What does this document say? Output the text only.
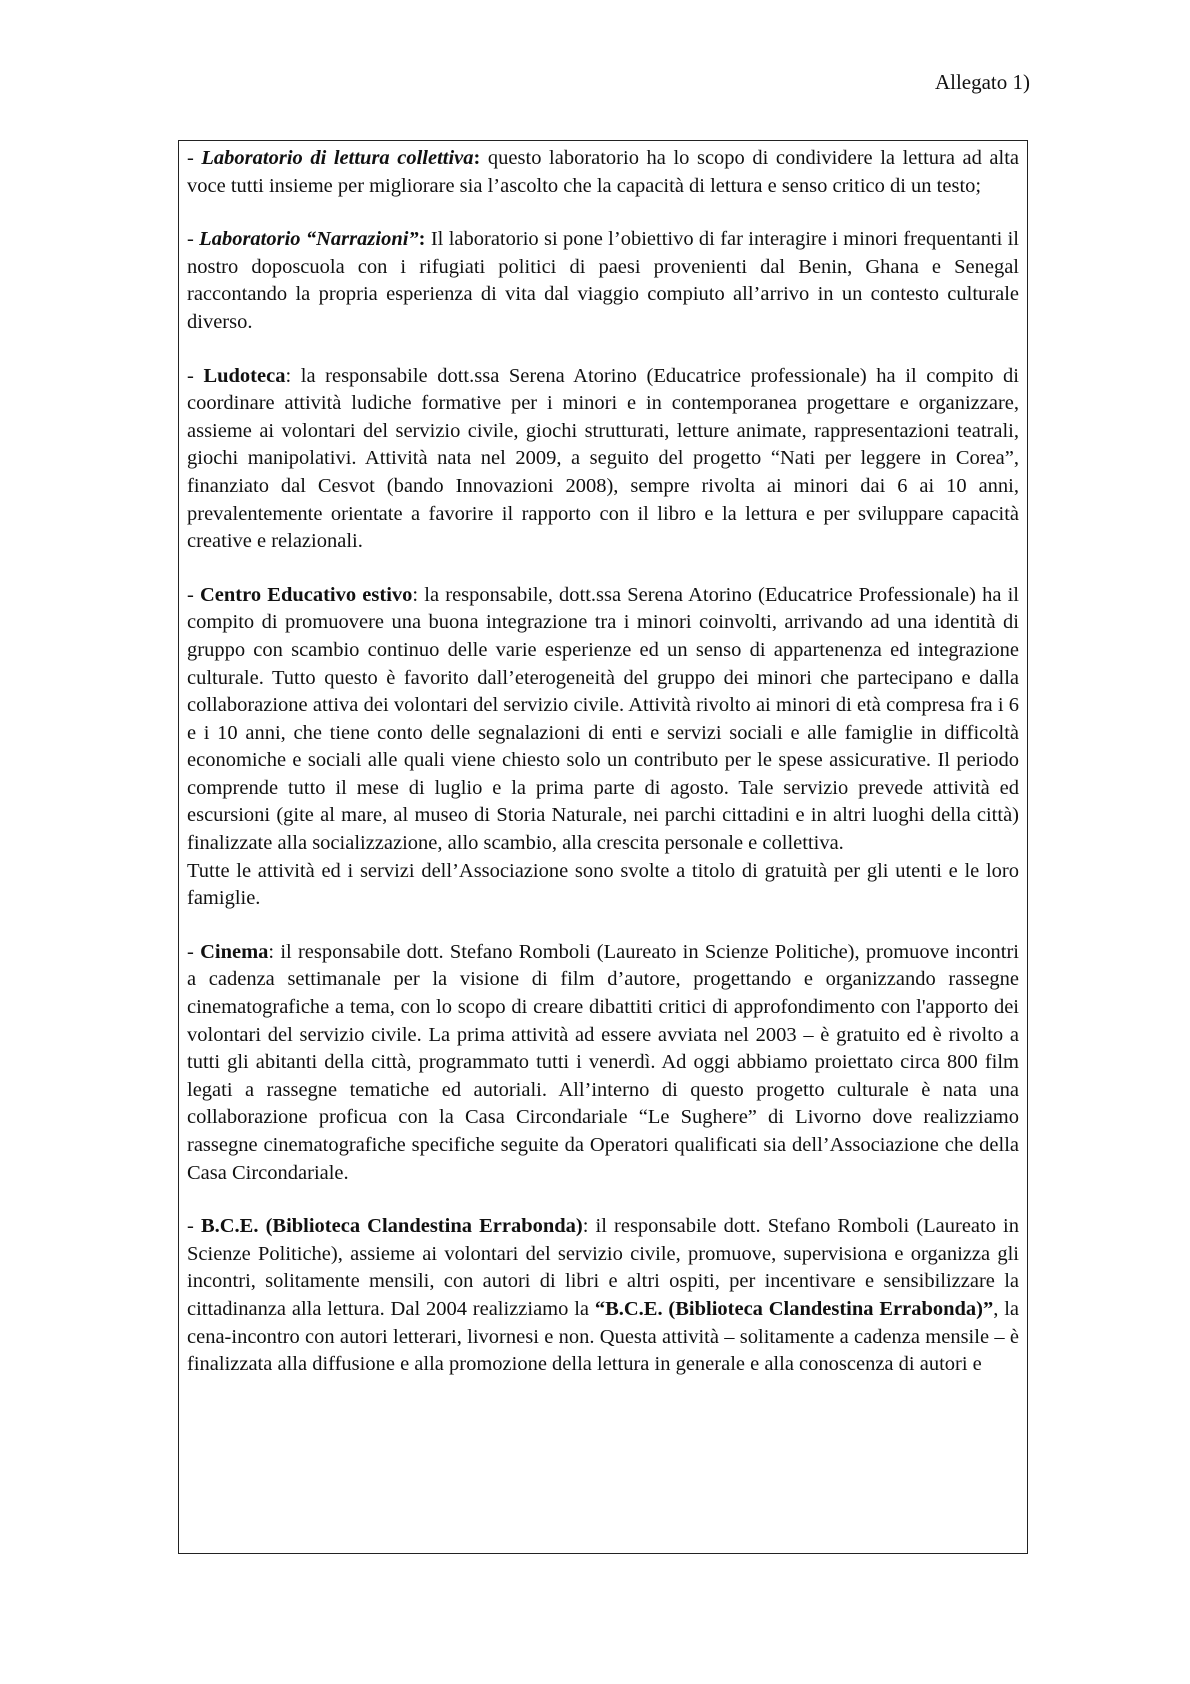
Allegato 1)

- Laboratorio di lettura collettiva: questo laboratorio ha lo scopo di condividere la lettura ad alta voce tutti insieme per migliorare sia l’ascolto che la capacità di lettura e senso critico di un testo;

- Laboratorio “Narrazioni”: Il laboratorio si pone l’obiettivo di far interagire i minori frequentanti il nostro doposcuola con i rifugiati politici di paesi provenienti dal Benin, Ghana e Senegal raccontando la propria esperienza di vita dal viaggio compiuto all’arrivo in un contesto culturale diverso.

- Ludoteca: la responsabile dott.ssa Serena Atorino (Educatrice professionale) ha il compito di coordinare attività ludiche formative per i minori e in contemporanea progettare e organizzare, assieme ai volontari del servizio civile, giochi strutturati, letture animate, rappresentazioni teatrali, giochi manipolativi. Attività nata nel 2009, a seguito del progetto “Nati per leggere in Corea”, finanziato dal Cesvot (bando Innovazioni 2008), sempre rivolta ai minori dai 6 ai 10 anni, prevalentemente orientate a favorire il rapporto con il libro e la lettura e per sviluppare capacità creative e relazionali.

- Centro Educativo estivo: la responsabile, dott.ssa Serena Atorino (Educatrice Professionale) ha il compito di promuovere una buona integrazione tra i minori coinvolti, arrivando ad una identità di gruppo con scambio continuo delle varie esperienze ed un senso di appartenenza ed integrazione culturale. Tutto questo è favorito dall’eterogeneità del gruppo dei minori che partecipano e dalla collaborazione attiva dei volontari del servizio civile. Attività rivolto ai minori di età compresa fra i 6 e i 10 anni, che tiene conto delle segnalazioni di enti e servizi sociali e alle famiglie in difficoltà economiche e sociali alle quali viene chiesto solo un contributo per le spese assicurative. Il periodo comprende tutto il mese di luglio e la prima parte di agosto. Tale servizio prevede attività ed escursioni (gite al mare, al museo di Storia Naturale, nei parchi cittadini e in altri luoghi della città) finalizzate alla socializzazione, allo scambio, alla crescita personale e collettiva.

Tutte le attività ed i servizi dell’Associazione sono svolte a titolo di gratuità per gli utenti e le loro famiglie.

- Cinema: il responsabile dott. Stefano Romboli (Laureato in Scienze Politiche), promuove incontri a cadenza settimanale per la visione di film d’autore, progettando e organizzando rassegne cinematografiche a tema, con lo scopo di creare dibattiti critici di approfondimento con l'apporto dei volontari del servizio civile. La prima attività ad essere avviata nel 2003 – è gratuito ed è rivolto a tutti gli abitanti della città, programmato tutti i venerdì. Ad oggi abbiamo proiettato circa 800 film legati a rassegne tematiche ed autoriali. All’interno di questo progetto culturale è nata una collaborazione proficua con la Casa Circondariale “Le Sughere” di Livorno dove realizziamo rassegne cinematografiche specifiche seguite da Operatori qualificati sia dell’Associazione che della Casa Circondariale.

- B.C.E. (Biblioteca Clandestina Errabonda): il responsabile dott. Stefano Romboli (Laureato in Scienze Politiche), assieme ai volontari del servizio civile, promuove, supervisiona e organizza gli incontri, solitamente mensili, con autori di libri e altri ospiti, per incentivare e sensibilizzare la cittadinanza alla lettura. Dal 2004 realizziamo la “B.C.E. (Biblioteca Clandestina Errabonda)”, la cena-incontro con autori letterari, livornesi e non. Questa attività – solitamente a cadenza mensile – è finalizzata alla diffusione e alla promozione della lettura in generale e alla conoscenza di autori e
